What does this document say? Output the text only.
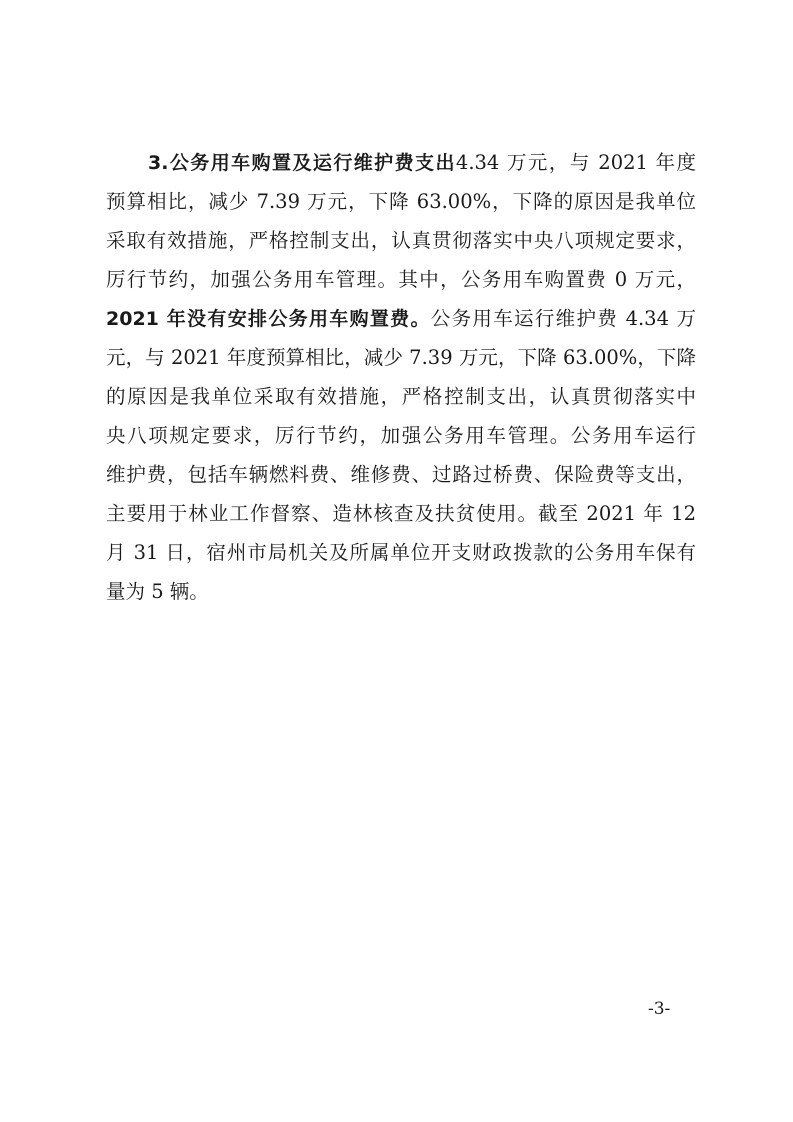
3.公务用车购置及运行维护费支出4.34 万元，与 2021 年度
预算相比，减少 7.39 万元，下降 63.00%，下降的原因是我单位
采取有效措施，严格控制支出，认真贯彻落实中央八项规定要求，
厉行节约，加强公务用车管理。其中，公务用车购置费 0 万元，
2021 年没有安排公务用车购置费。公务用车运行维护费 4.34 万
元，与 2021 年度预算相比，减少 7.39 万元，下降 63.00%，下降
的原因是我单位采取有效措施，严格控制支出，认真贯彻落实中
央八项规定要求，厉行节约，加强公务用车管理。公务用车运行
维护费，包括车辆燃料费、维修费、过路过桥费、保险费等支出，
主要用于林业工作督察、造林核查及扶贫使用。截至 2021 年 12
月 31 日，宿州市局机关及所属单位开支财政拨款的公务用车保有
量为 5 辆。
-3-
